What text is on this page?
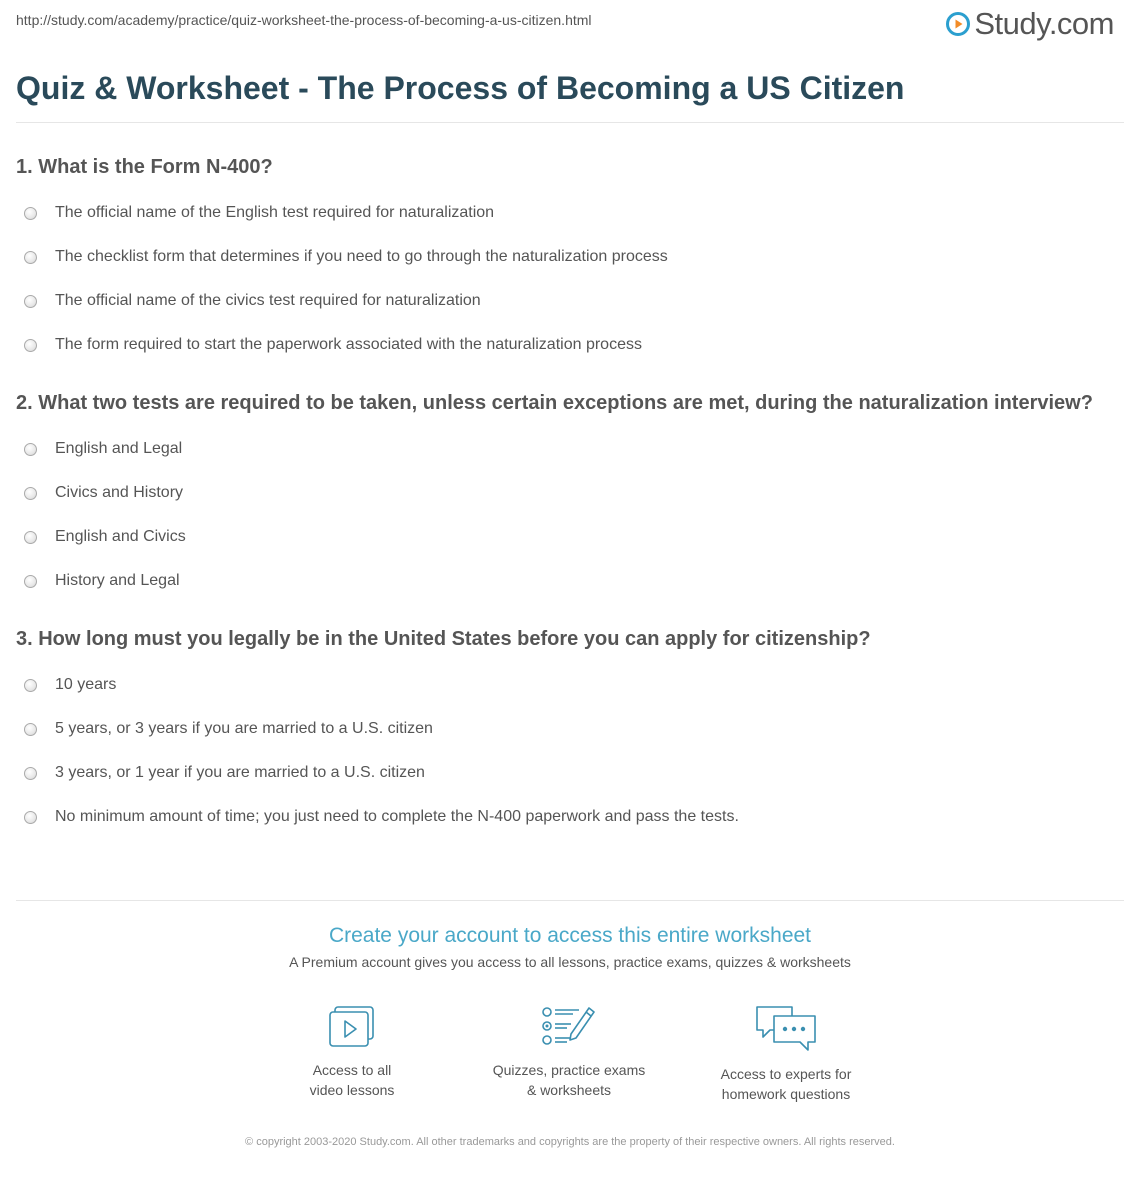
http://study.com/academy/practice/quiz-worksheet-the-process-of-becoming-a-us-citizen.html	Study.com
Quiz & Worksheet - The Process of Becoming a US Citizen

1. What is the Form N-400?

The official name of the English test required for naturalization
The checklist form that determines if you need to go through the naturalization process
The official name of the civics test required for naturalization
The form required to start the paperwork associated with the naturalization process

2. What two tests are required to be taken, unless certain exceptions are met, during the naturalization interview?

English and Legal
Civics and History
English and Civics
History and Legal

3. How long must you legally be in the United States before you can apply for citizenship?

10 years
5 years, or 3 years if you are married to a U.S. citizen
3 years, or 1 year if you are married to a U.S. citizen
No minimum amount of time; you just need to complete the N-400 paperwork and pass the tests.
Create your account to access this entire worksheet
A Premium account gives you access to all lessons, practice exams, quizzes & worksheets
Access to all
video lessons
Quizzes, practice exams
& worksheets
Access to experts for
homework questions
© copyright 2003-2020 Study.com. All other trademarks and copyrights are the property of their respective owners. All rights reserved.
